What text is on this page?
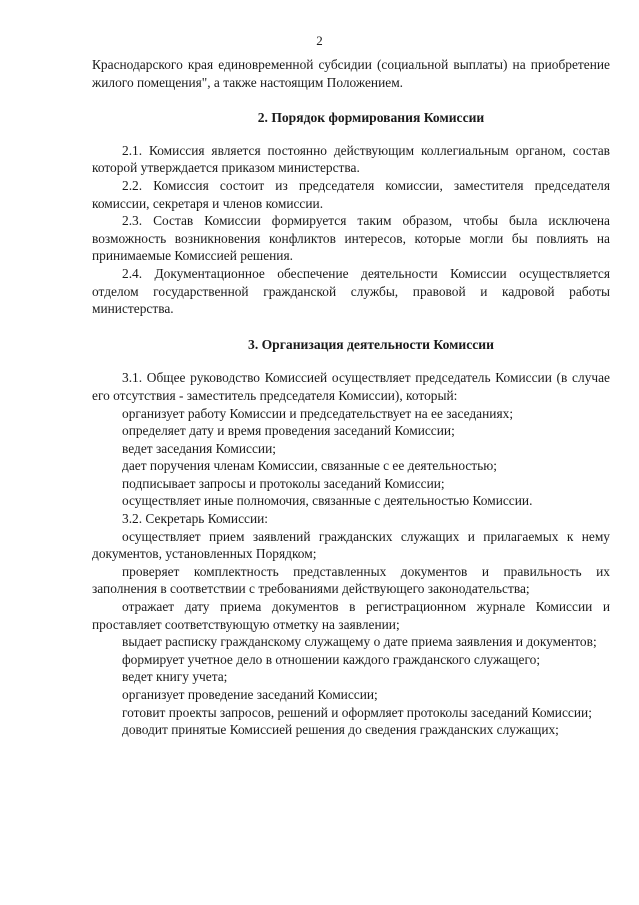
2

Краснодарского края единовременной субсидии (социальной выплаты) на приобретение жилого помещения", а также настоящим Положением.

2. Порядок формирования Комиссии

2.1. Комиссия является постоянно действующим коллегиальным органом, состав которой утверждается приказом министерства.

2.2. Комиссия состоит из председателя комиссии, заместителя председателя комиссии, секретаря и членов комиссии.

2.3. Состав Комиссии формируется таким образом, чтобы была исключена возможность возникновения конфликтов интересов, которые могли бы повлиять на принимаемые Комиссией решения.

2.4. Документационное обеспечение деятельности Комиссии осуществляется отделом государственной гражданской службы, правовой и кадровой работы министерства.

3. Организация деятельности Комиссии

3.1. Общее руководство Комиссией осуществляет председатель Комиссии (в случае его отсутствия - заместитель председателя Комиссии), который:

организует работу Комиссии и председательствует на ее заседаниях;

определяет дату и время проведения заседаний Комиссии;

ведет заседания Комиссии;

дает поручения членам Комиссии, связанные с ее деятельностью;

подписывает запросы и протоколы заседаний Комиссии;

осуществляет иные полномочия, связанные с деятельностью Комиссии.

3.2. Секретарь Комиссии:

осуществляет прием заявлений гражданских служащих и прилагаемых к нему документов, установленных Порядком;

проверяет комплектность представленных документов и правильность их заполнения в соответствии с требованиями действующего законодательства;

отражает дату приема документов в регистрационном журнале Комиссии и проставляет соответствующую отметку на заявлении;

выдает расписку гражданскому служащему о дате приема заявления и документов;

формирует учетное дело в отношении каждого гражданского служащего;

ведет книгу учета;

организует проведение заседаний Комиссии;

готовит проекты запросов, решений и оформляет протоколы заседаний Комиссии;

доводит принятые Комиссией решения до сведения гражданских служащих;
